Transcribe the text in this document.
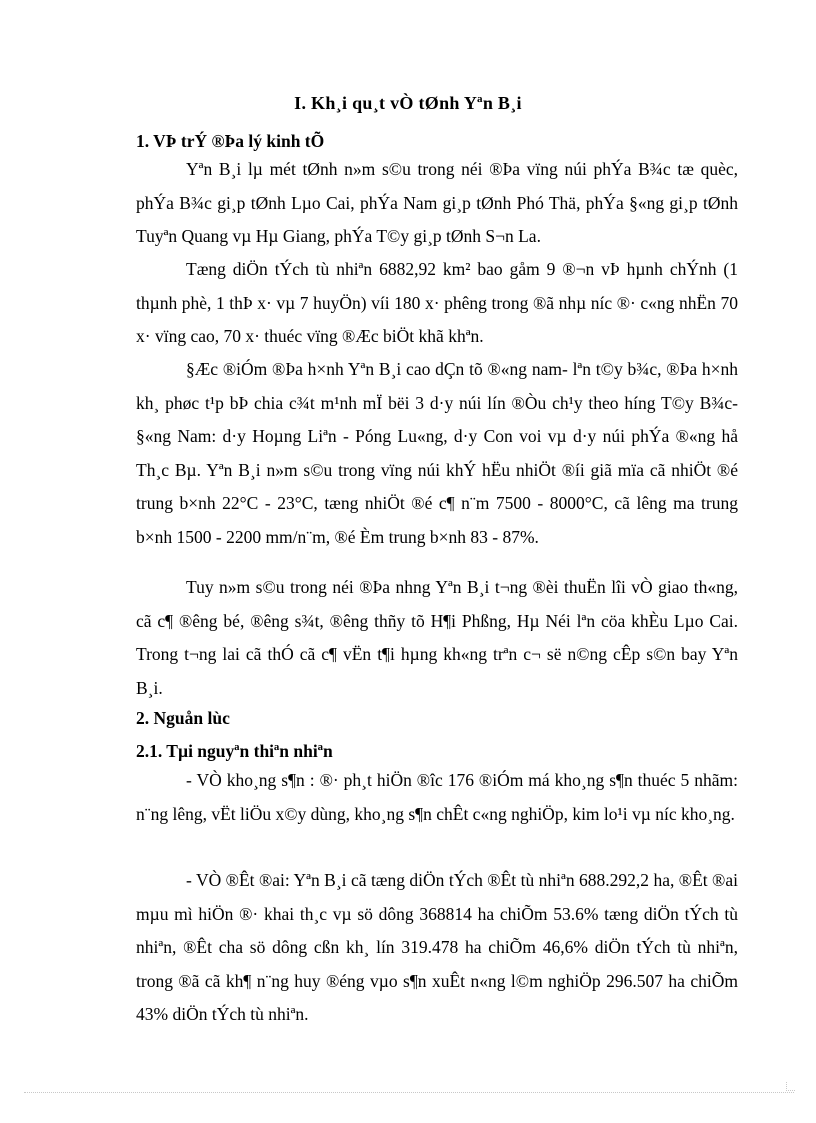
I. Kh¸i qu¸t vÒ tØnh Yªn B¸i
1. VÞ trÝ ®Þa lý kinh tÕ

Yªn B¸i lµ mét tØnh n»m s©u trong néi ®Þa vïng núi phÝa B¾c tæ quèc, phÝa B¾c gi¸p tØnh Lµo Cai, phÝa Nam gi¸p tØnh Phó Thä, phÝa §«ng gi¸p tØnh Tuyªn Quang vµ Hµ Giang, phÝa T©y gi¸p tØnh S¬n La.

Tæng diÖn tÝch tù nhiªn 6882,92 km² bao gåm 9 ®¬n vÞ hµnh chÝnh (1 thµnh phè, 1 thÞ x· vµ 7 huyÖn) víi 180 x· phêng trong ®ã nhµ níc ®· c«ng nhËn 70 x· vïng cao, 70 x· thuéc vïng ®Æc biÖt khã khªn.

§Æc ®iÓm ®Þa h×nh Yªn B¸i cao dÇn tõ ®«ng nam- lªn t©y b¾c, ®Þa h×nh kh¸ phøc t¹p bÞ chia c¾t m¹nh mÏ bëi 3 d·y núi lín ®Òu ch¹y theo híng T©y B¾c- §«ng Nam: d·y Hoµng Liªn - Póng Lu«ng, d·y Con voi vµ d·y núi phÝa ®«ng hå Th¸c Bµ. Yªn B¸i n»m s©u trong vïng núi khÝ hËu nhiÖt ®íi giã mïa cã nhiÖt ®é trung b×nh 22°C - 23°C, tæng nhiÖt ®é c¶ n¨m 7500 - 8000°C, cã lêng ma trung b×nh 1500 - 2200 mm/n¨m, ®é Èm trung b×nh 83 - 87%.

Tuy n»m s©u trong néi ®Þa nhng Yªn B¸i t¬ng ®èi thuËn lîi vÒ giao th«ng, cã c¶ ®êng bé, ®êng s¾t, ®êng thñy tõ H¶i Phßng, Hµ Néi lªn cöa khÈu Lµo Cai. Trong t¬ng lai cã thÓ cã c¶ vËn t¶i hµng kh«ng trªn c¬ së n©ng cÊp s©n bay Yªn B¸i.

2. Nguån lùc
2.1. Tµi nguyªn thiªn nhiªn

- VÒ kho¸ng s¶n : ®· ph¸t hiÖn ®îc 176 ®iÓm má kho¸ng s¶n thuéc 5 nhãm: n¨ng lêng, vËt liÖu x©y dùng, kho¸ng s¶n chÊt c«ng nghiÖp, kim lo¹i vµ níc kho¸ng.

- VÒ ®Êt ®ai: Yªn B¸i cã tæng diÖn tÝch ®Êt tù nhiªn 688.292,2 ha, ®Êt ®ai mµu mì hiÖn ®· khai th¸c vµ sö dông 368814 ha chiÕm 53.6% tæng diÖn tÝch tù nhiªn, ®Êt cha sö dông cßn kh¸ lín 319.478 ha chiÕm 46,6% diÖn tÝch tù nhiªn, trong ®ã cã kh¶ n¨ng huy ®éng vµo s¶n xuÊt n«ng l©m nghiÖp 296.507 ha chiÕm 43% diÖn tÝch tù nhiªn.
